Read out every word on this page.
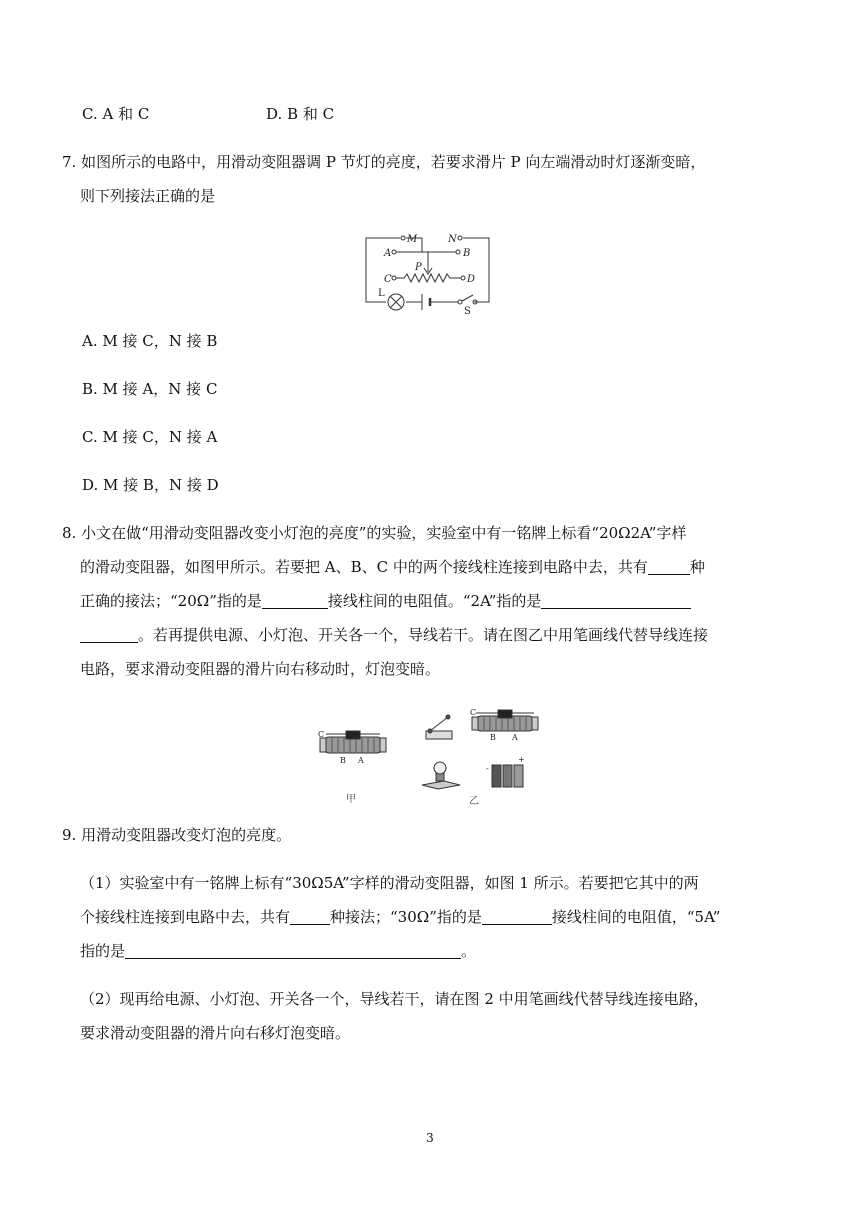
C. A 和 C	D. B 和 C
7. 如图所示的电路中，用滑动变阻器调 P 节灯的亮度，若要求滑片 P 向左端滑动时灯逐渐变暗，
则下列接法正确的是
M	N
A	B
C	D
P
L
S
A. M 接 C，N 接 B
B. M 接 A，N 接 C
C. M 接 C，N 接 A
D. M 接 B，N 接 D
8. 小文在做“用滑动变阻器改变小灯泡的亮度”的实验，实验室中有一铭牌上标看“20Ω2A”字样
的滑动变阻器，如图甲所示。若要把 A、B、C 中的两个接线柱连接到电路中去，共有	种
正确的接法；“20Ω”指的是	接线柱间的电阻值。“2A”指的是
。若再提供电源、小灯泡、开关各一个，导线若干。请在图乙中用笔画线代替导线连接
电路，要求滑动变阻器的滑片向右移动时，灯泡变暗。
C
B A
甲
C
B A
+
-
乙
9. 用滑动变阻器改变灯泡的亮度。
（1）实验室中有一铭牌上标有“30Ω5A”字样的滑动变阻器，如图 1 所示。若要把它其中的两
个接线柱连接到电路中去，共有	种接法；“30Ω”指的是	接线柱间的电阻值，“5A”
指的是	。
（2）现再给电源、小灯泡、开关各一个，导线若干，请在图 2 中用笔画线代替导线连接电路，
要求滑动变阻器的滑片向右移灯泡变暗。
3
